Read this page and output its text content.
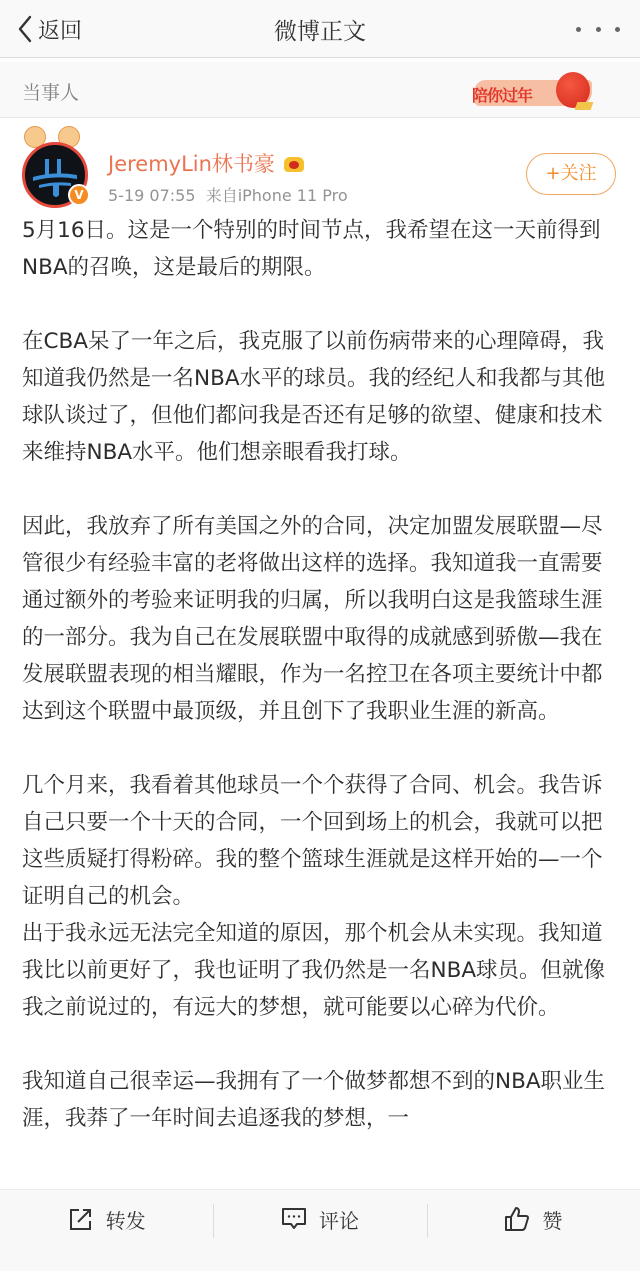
返回	微博正文
当事人	陪你过年
V
JeremyLin林书豪
5-19 07:55 来自iPhone 11 Pro
+关注

5月16日。这是一个特别的时间节点，我希望在这一天前得到NBA的召唤，这是最后的期限。

在CBA呆了一年之后，我克服了以前伤病带来的心理障碍，我知道我仍然是一名NBA水平的球员。我的经纪人和我都与其他球队谈过了，但他们都问我是否还有足够的欲望、健康和技术来维持NBA水平。他们想亲眼看我打球。

因此，我放弃了所有美国之外的合同，决定加盟发展联盟—尽管很少有经验丰富的老将做出这样的选择。我知道我一直需要通过额外的考验来证明我的归属，所以我明白这是我篮球生涯的一部分。我为自己在发展联盟中取得的成就感到骄傲—我在发展联盟表现的相当耀眼，作为一名控卫在各项主要统计中都达到这个联盟中最顶级，并且创下了我职业生涯的新高。

几个月来，我看着其他球员一个个获得了合同、机会。我告诉自己只要一个十天的合同，一个回到场上的机会，我就可以把这些质疑打得粉碎。我的整个篮球生涯就是这样开始的—一个证明自己的机会。

出于我永远无法完全知道的原因，那个机会从未实现。我知道我比以前更好了，我也证明了我仍然是一名NBA球员。但就像我之前说过的，有远大的梦想，就可能要以心碎为代价。

我知道自己很幸运—我拥有了一个做梦都想不到的NBA职业生涯，我莽了一年时间去追逐我的梦想，一

转发	评论	赞
